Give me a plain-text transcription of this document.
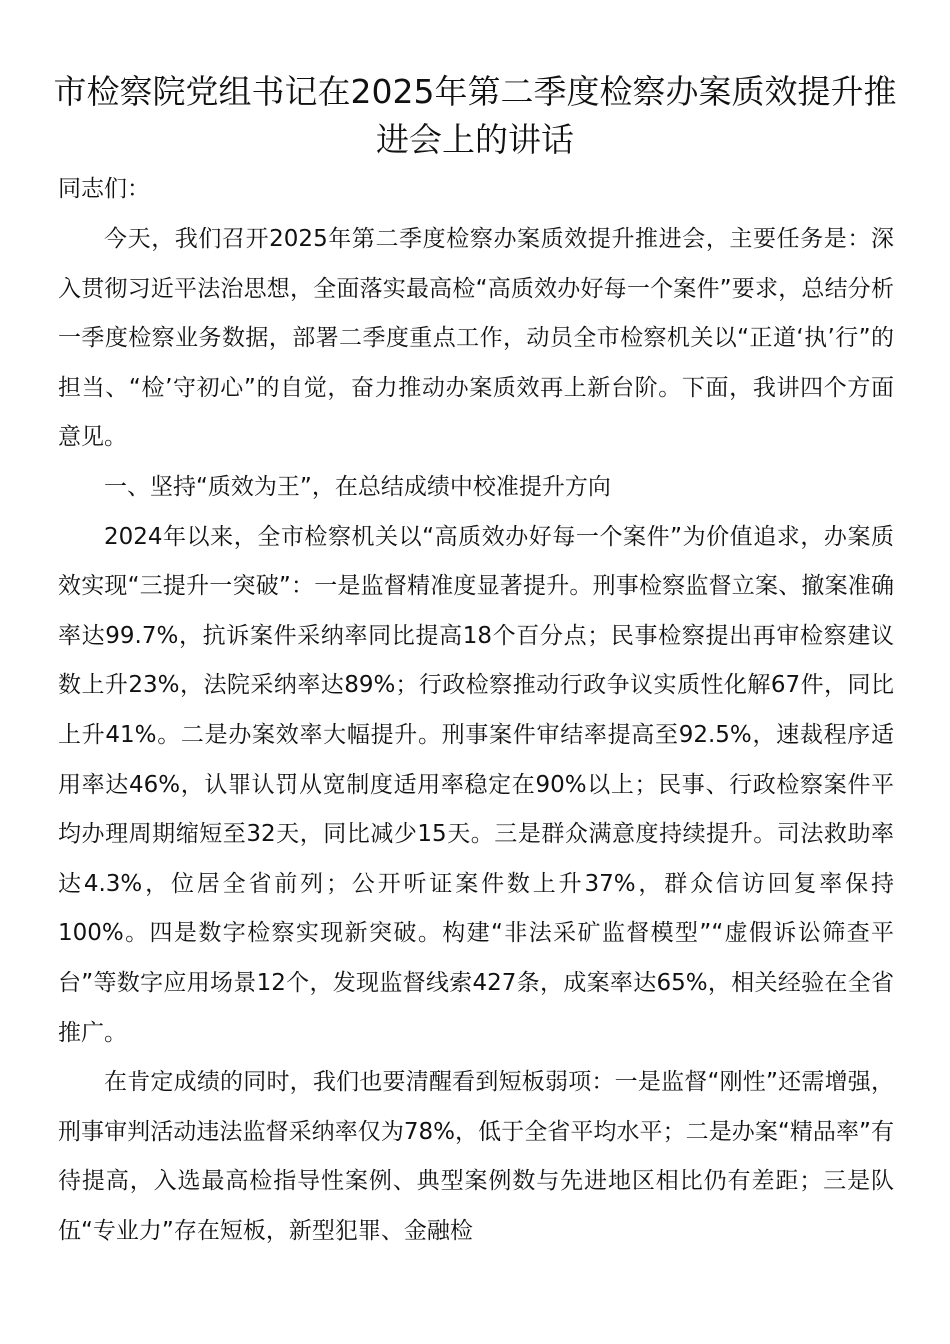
市检察院党组书记在2025年第二季度检察办案质效提升推进会上的讲话

同志们：

今天，我们召开2025年第二季度检察办案质效提升推进会，主要任务是：深入贯彻习近平法治思想，全面落实最高检“高质效办好每一个案件”要求，总结分析一季度检察业务数据，部署二季度重点工作，动员全市检察机关以“正道‘执’行”的担当、“检’守初心”的自觉，奋力推动办案质效再上新台阶。下面，我讲四个方面意见。

一、坚持“质效为王”，在总结成绩中校准提升方向

2024年以来，全市检察机关以“高质效办好每一个案件”为价值追求，办案质效实现“三提升一突破”：一是监督精准度显著提升。刑事检察监督立案、撤案准确率达99.7%，抗诉案件采纳率同比提高18个百分点；民事检察提出再审检察建议数上升23%，法院采纳率达89%；行政检察推动行政争议实质性化解67件，同比上升41%。二是办案效率大幅提升。刑事案件审结率提高至92.5%，速裁程序适用率达46%，认罪认罚从宽制度适用率稳定在90%以上；民事、行政检察案件平均办理周期缩短至32天，同比减少15天。三是群众满意度持续提升。司法救助率达4.3%，位居全省前列；公开听证案件数上升37%，群众信访回复率保持100%。四是数字检察实现新突破。构建“非法采矿监督模型”“虚假诉讼筛查平台”等数字应用场景12个，发现监督线索427条，成案率达65%，相关经验在全省推广。

在肯定成绩的同时，我们也要清醒看到短板弱项：一是监督“刚性”还需增强，刑事审判活动违法监督采纳率仅为78%，低于全省平均水平；二是办案“精品率”有待提高，入选最高检指导性案例、典型案例数与先进地区相比仍有差距；三是队伍“专业力”存在短板，新型犯罪、金融检
